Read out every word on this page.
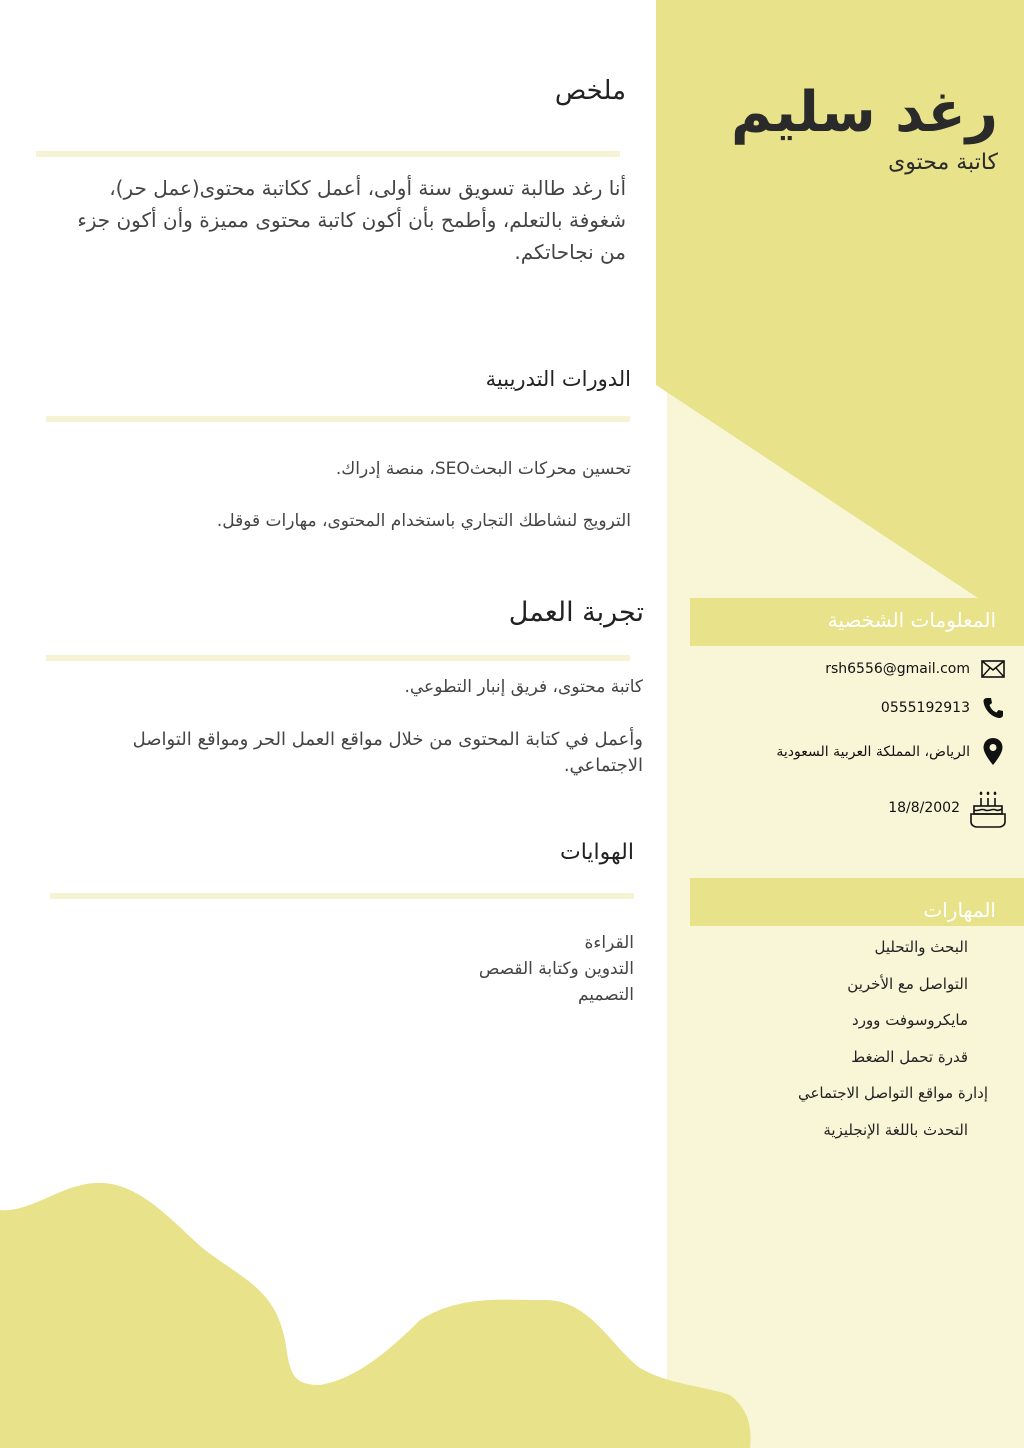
رغد سليم
كاتبة محتوى
المعلومات الشخصية
rsh6556@gmail.com
0555192913
الرياض، المملكة العربية السعودية
18/8/2002
المهارات
البحث والتحليل
التواصل مع الأخرين
مايكروسوفت وورد
قدرة تحمل الضغط
إدارة مواقع التواصل الاجتماعي
التحدث باللغة الإنجليزية
ملخص
أنا رغد طالبة تسويق سنة أولى، أعمل ككاتبة محتوى(عمل حر)، شغوفة بالتعلم، وأطمح بأن أكون كاتبة محتوى مميزة وأن أكون جزء من نجاحاتكم.
الدورات التدريبية
تحسين محركات البحثSEO، منصة إدراك.
الترويج لنشاطك التجاري باستخدام المحتوى، مهارات قوقل.
تجربة العمل
كاتبة محتوى، فريق إنبار التطوعي.
وأعمل في كتابة المحتوى من خلال مواقع العمل الحر ومواقع التواصل الاجتماعي.
الهوايات
القراءة
التدوين وكتابة القصص
التصميم
